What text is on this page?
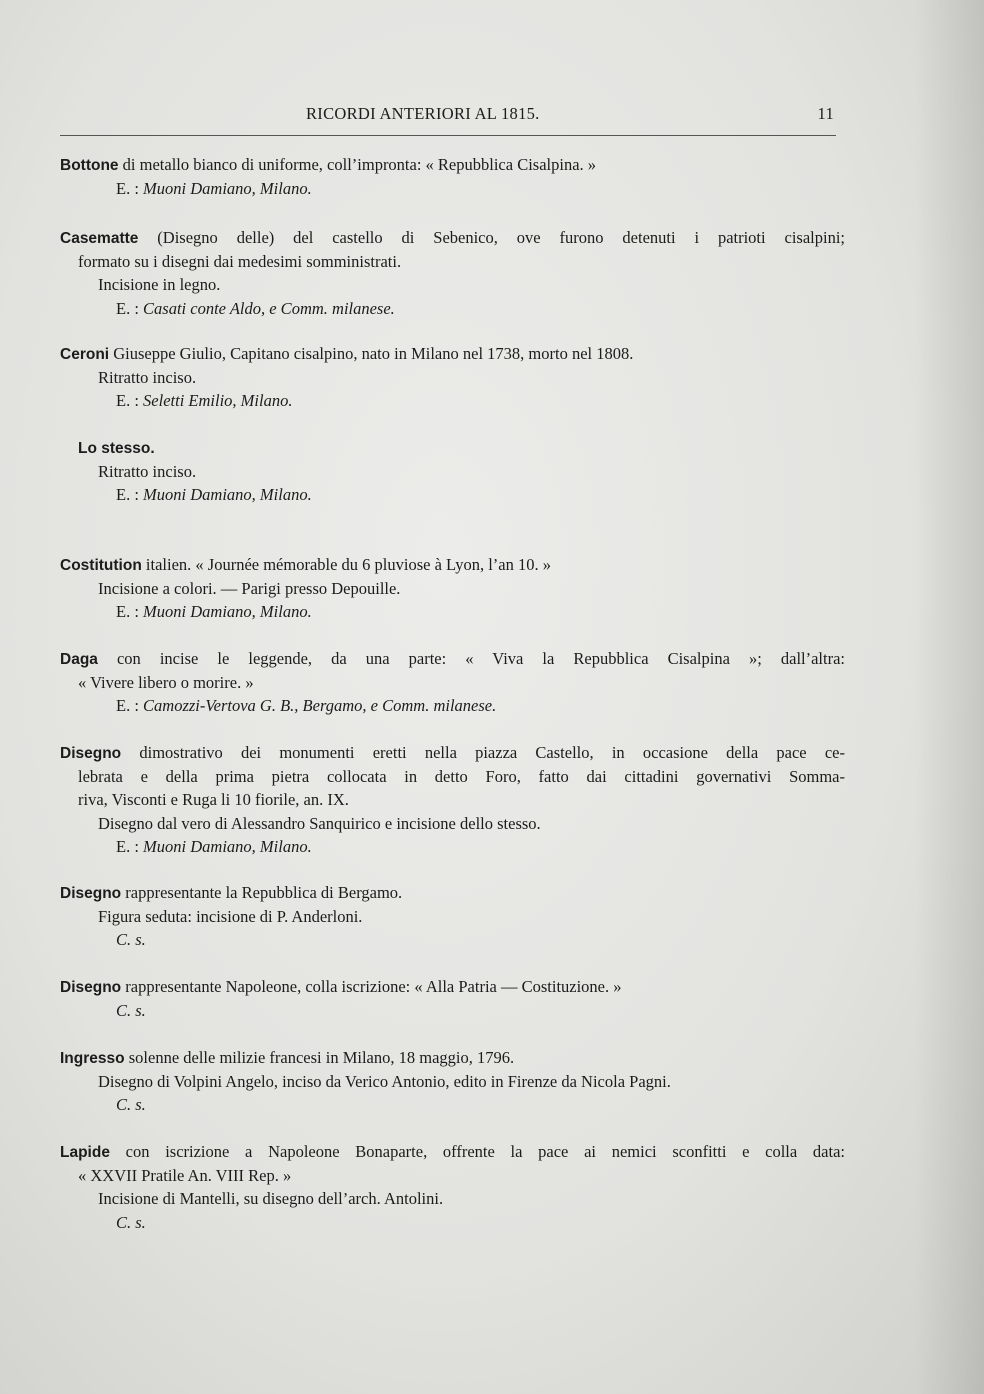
RICORDI ANTERIORI AL 1815.	11
Bottone di metallo bianco di uniforme, coll’impronta: « Repubblica Cisalpina. »
E. : Muoni Damiano, Milano.
Casematte (Disegno delle) del castello di Sebenico, ove furono detenuti i patrioti cisalpini;
formato su i disegni dai medesimi somministrati.
Incisione in legno.
E. : Casati conte Aldo, e Comm. milanese.
Ceroni Giuseppe Giulio, Capitano cisalpino, nato in Milano nel 1738, morto nel 1808.
Ritratto inciso.
E. : Seletti Emilio, Milano.
Lo stesso.
Ritratto inciso.
E. : Muoni Damiano, Milano.
Costitution italien. « Journée mémorable du 6 pluviose à Lyon, l’an 10. »
Incisione a colori. — Parigi presso Depouille.
E. : Muoni Damiano, Milano.
Daga con incise le leggende, da una parte: « Viva la Repubblica Cisalpina »; dall’altra:
« Vivere libero o morire. »
E. : Camozzi-Vertova G. B., Bergamo, e Comm. milanese.
Disegno dimostrativo dei monumenti eretti nella piazza Castello, in occasione della pace ce-
lebrata e della prima pietra collocata in detto Foro, fatto dai cittadini governativi Somma-
riva, Visconti e Ruga li 10 fiorile, an. IX.
Disegno dal vero di Alessandro Sanquirico e incisione dello stesso.
E. : Muoni Damiano, Milano.
Disegno rappresentante la Repubblica di Bergamo.
Figura seduta: incisione di P. Anderloni.
C. s.
Disegno rappresentante Napoleone, colla iscrizione: « Alla Patria — Costituzione. »
C. s.
Ingresso solenne delle milizie francesi in Milano, 18 maggio, 1796.
Disegno di Volpini Angelo, inciso da Verico Antonio, edito in Firenze da Nicola Pagni.
C. s.
Lapide con iscrizione a Napoleone Bonaparte, offrente la pace ai nemici sconfitti e colla data:
« XXVII Pratile An. VIII Rep. »
Incisione di Mantelli, su disegno dell’arch. Antolini.
C. s.
